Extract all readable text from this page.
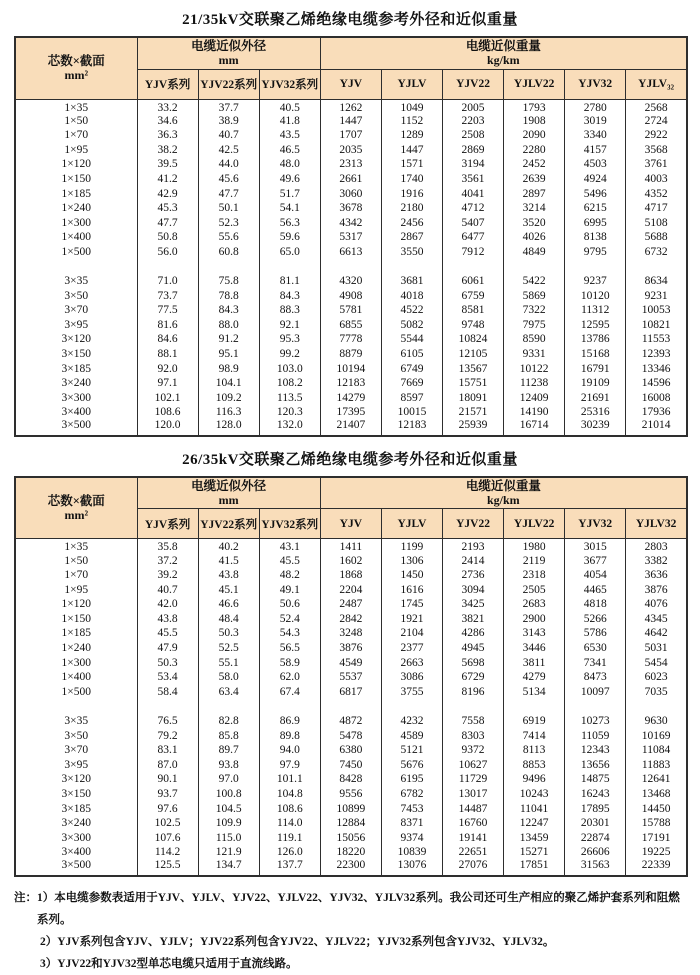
21/35kV交联聚乙烯绝缘电缆参考外径和近似重量
芯数×截面
mm²

电缆近似外径
mm

电缆近似重量
kg/km

	YJV系列	YJV22系列	YJV32系列	YJV	YJLV	YJV22	YJLV22	YJV32	YJLV₃₂
1×35	33.2	37.7	40.5	1262	1049	2005	1793	2780	2568
1×50	34.6	38.9	41.8	1447	1152	2203	1908	3019	2724
1×70	36.3	40.7	43.5	1707	1289	2508	2090	3340	2922
1×95	38.2	42.5	46.5	2035	1447	2869	2280	4157	3568
1×120	39.5	44.0	48.0	2313	1571	3194	2452	4503	3761
1×150	41.2	45.6	49.6	2661	1740	3561	2639	4924	4003
1×185	42.9	47.7	51.7	3060	1916	4041	2897	5496	4352
1×240	45.3	50.1	54.1	3678	2180	4712	3214	6215	4717
1×300	47.7	52.3	56.3	4342	2456	5407	3520	6995	5108
1×400	50.8	55.6	59.6	5317	2867	6477	4026	8138	5688
1×500	56.0	60.8	65.0	6613	3550	7912	4849	9795	6732

3×35	71.0	75.8	81.1	4320	3681	6061	5422	9237	8634
3×50	73.7	78.8	84.3	4908	4018	6759	5869	10120	9231
3×70	77.5	84.3	88.3	5781	4522	8581	7322	11312	10053
3×95	81.6	88.0	92.1	6855	5082	9748	7975	12595	10821
3×120	84.6	91.2	95.3	7778	5544	10824	8590	13786	11553
3×150	88.1	95.1	99.2	8879	6105	12105	9331	15168	12393
3×185	92.0	98.9	103.0	10194	6749	13567	10122	16791	13346
3×240	97.1	104.1	108.2	12183	7669	15751	11238	19109	14596
3×300	102.1	109.2	113.5	14279	8597	18091	12409	21691	16008
3×400	108.6	116.3	120.3	17395	10015	21571	14190	25316	17936
3×500	120.0	128.0	132.0	21407	12183	25939	16714	30239	21014
26/35kV交联聚乙烯绝缘电缆参考外径和近似重量
芯数×截面
mm²

电缆近似外径
mm

电缆近似重量
kg/km

	YJV系列	YJV22系列	YJV32系列	YJV	YJLV	YJV22	YJLV22	YJV32	YJLV32
1×35	35.8	40.2	43.1	1411	1199	2193	1980	3015	2803
1×50	37.2	41.5	45.5	1602	1306	2414	2119	3677	3382
1×70	39.2	43.8	48.2	1868	1450	2736	2318	4054	3636
1×95	40.7	45.1	49.1	2204	1616	3094	2505	4465	3876
1×120	42.0	46.6	50.6	2487	1745	3425	2683	4818	4076
1×150	43.8	48.4	52.4	2842	1921	3821	2900	5266	4345
1×185	45.5	50.3	54.3	3248	2104	4286	3143	5786	4642
1×240	47.9	52.5	56.5	3876	2377	4945	3446	6530	5031
1×300	50.3	55.1	58.9	4549	2663	5698	3811	7341	5454
1×400	53.4	58.0	62.0	5537	3086	6729	4279	8473	6023
1×500	58.4	63.4	67.4	6817	3755	8196	5134	10097	7035

3×35	76.5	82.8	86.9	4872	4232	7558	6919	10273	9630
3×50	79.2	85.8	89.8	5478	4589	8303	7414	11059	10169
3×70	83.1	89.7	94.0	6380	5121	9372	8113	12343	11084
3×95	87.0	93.8	97.9	7450	5676	10627	8853	13656	11883
3×120	90.1	97.0	101.1	8428	6195	11729	9496	14875	12641
3×150	93.7	100.8	104.8	9556	6782	13017	10243	16243	13468
3×185	97.6	104.5	108.6	10899	7453	14487	11041	17895	14450
3×240	102.5	109.9	114.0	12884	8371	16760	12247	20301	15788
3×300	107.6	115.0	119.1	15056	9374	19141	13459	22874	17191
3×400	114.2	121.9	126.0	18220	10839	22651	15271	26606	19225
3×500	125.5	134.7	137.7	22300	13076	27076	17851	31563	22339
注： 1）本电缆参数表适用于YJV、YJLV、YJV22、YJLV22、YJV32、YJLV32系列。我公司还可生产相应的聚乙烯护套系列和阻燃系列。
2）YJV系列包含YJV、YJLV；YJV22系列包含YJV22、YJLV22；YJV32系列包含YJV32、YJLV32。
3）YJV22和YJV32型单芯电缆只适用于直流线路。
